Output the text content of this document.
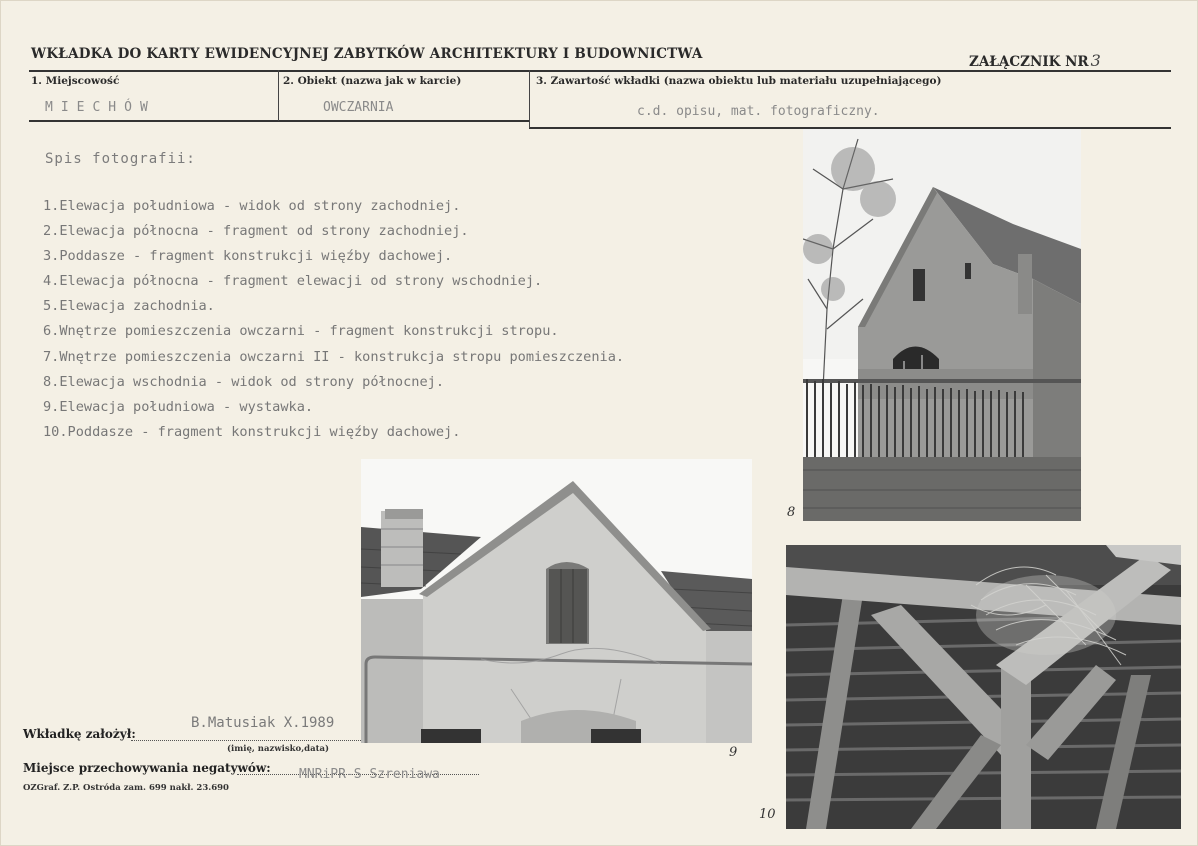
WKŁADKA DO KARTY EWIDENCYJNEJ ZABYTKÓW ARCHITEKTURY I BUDOWNICTWA	ZAŁĄCZNIK NR 3
1. Miejscowość
MIECHÓW
2. Obiekt (nazwa jak w karcie)
OWCZARNIA
3. Zawartość wkładki (nazwa obiektu lub materiału uzupełniającego)
c.d. opisu, mat. fotograficzny.
Spis fotografii:
1.Elewacja południowa - widok od strony zachodniej.
2.Elewacja północna - fragment od strony zachodniej.
3.Poddasze - fragment konstrukcji więźby dachowej.
4.Elewacja północna - fragment elewacji od strony wschodniej.
5.Elewacja zachodnia.
6.Wnętrze pomieszczenia owczarni - fragment konstrukcji stropu.
7.Wnętrze pomieszczenia owczarni II - konstrukcja stropu pomieszczenia.
8.Elewacja wschodnia - widok od strony północnej.
9.Elewacja południowa - wystawka.
10.Poddasze - fragment konstrukcji więźby dachowej.
8
9
10
Wkładkę założył:
B.Matusiak X.1989
(imię, nazwisko,data)
Miejsce przechowywania negatywów: MNRiPR-S Szreniawa
OZGraf. Z.P. Ostróda zam. 699 nakł. 23.690
